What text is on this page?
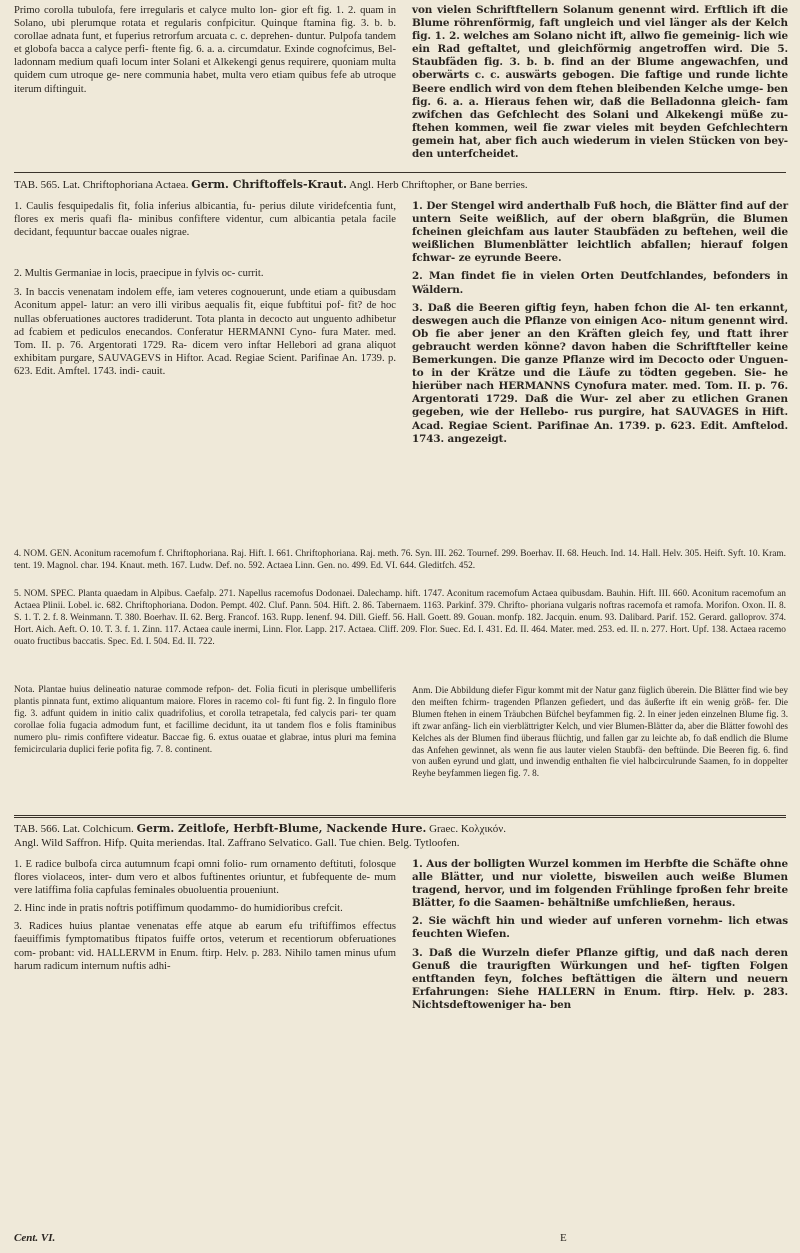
Primo corolla tubulofa, fere irregularis et calyce multo lon- gior eft fig. 1. 2. quam in Solano, ubi plerumque rotata et regularis confpicitur. Quinque ftamina fig. 3. b. b. corollae adnata funt, et fuperius retrorfum arcuata c. c. deprehen- duntur. Pulpofa tandem et globofa bacca a calyce perfi- ftente fig. 6. a. a. circumdatur. Exinde cognofcimus, Bel- ladonnam medium quafi locum inter Solani et Alkekengi genus requirere, quoniam multa quidem cum utroque ge- nere communia habet, multa vero etiam quibus fefe ab utroque iterum diftinguit.

von vielen Schriftftellern Solanum genennt wird. Erftlich ift die Blume röhrenförmig, faft ungleich und viel länger als der Kelch fig. 1. 2. welches am Solano nicht ift, allwo fie gemeinig- lich wie ein Rad geftaltet, und gleichförmig angetroffen wird. Die 5. Staubfäden fig. 3. b. b. find an der Blume angewachfen, und oberwärts c. c. auswärts gebogen. Die faftige und runde lichte Beere endlich wird von dem ftehen bleibenden Kelche umge- ben fig. 6. a. a. Hieraus fehen wir, daß die Belladonna gleich- fam zwifchen das Gefchlecht des Solani und Alkekengi müße zu- ftehen kommen, weil fie zwar vieles mit beyden Gefchlechtern gemein hat, aber fich auch wiederum in vielen Stücken von bey- den unterfcheidet.

TAB. 565. Lat. Chriftophoriana Actaea. Germ. Chriftoffels-Kraut. Angl. Herb Chriftopher, or Bane berries.

1. Caulis fesquipedalis fit, folia inferius albicantia, fu- perius dilute viridefcentia funt, flores ex meris quafi fla- minibus confiftere videntur, cum albicantia petala facile decidant, fequuntur baccae ouales nigrae.

2. Multis Germaniae in locis, praecipue in fylvis oc- currit.

3. In baccis venenatam indolem effe, iam veteres cognouerunt, unde etiam a quibusdam Aconitum appel- latur: an vero illi viribus aequalis fit, eique fubftitui pof- fit? de hoc nullas obferuationes auctores tradiderunt. Tota planta in decocto aut unguento adhibetur ad fcabiem et pediculos enecandos. Conferatur HERMANNI Cyno- fura Mater. med. Tom. II. p. 76. Argentorati 1729. Ra- dicem vero inftar Hellebori ad grana aliquot exhibitam purgare, SAUVAGEVS in Hiftor. Acad. Regiae Scient. Parifinae An. 1739. p. 623. Edit. Amftel. 1743. indi- cauit.

1. Der Stengel wird anderthalb Fuß hoch, die Blätter find auf der untern Seite weißlich, auf der obern blaßgrün, die Blumen fcheinen gleichfam aus lauter Staubfäden zu beftehen, weil die weißlichen Blumenblätter leichtlich abfallen; hierauf folgen fchwar- ze eyrunde Beere.

2. Man findet fie in vielen Orten Deutfchlandes, befonders in Wäldern.

3. Daß die Beeren giftig feyn, haben fchon die Al- ten erkannt, deswegen auch die Pflanze von einigen Aco- nitum genennt wird. Ob fie aber jener an den Kräften gleich fey, und ftatt ihrer gebraucht werden könne? davon haben die Schriftfteller keine Bemerkungen. Die ganze Pflanze wird im Decocto oder Unguen- to in der Krätze und die Läufe zu tödten gegeben. Sie- he hierüber nach HERMANNS Cynofura mater. med. Tom. II. p. 76. Argentorati 1729. Daß die Wur- zel aber zu etlichen Granen gegeben, wie der Hellebo- rus purgire, hat SAUVAGES in Hift. Acad. Regiae Scient. Parifinae An. 1739. p. 623. Edit. Amftelod. 1743. angezeigt.

4. NOM. GEN. Aconitum racemofum f. Chriftophoriana. Raj. Hift. I. 661. Chriftophoriana. Raj. meth. 76. Syn. III. 262. Tournef. 299. Boerhav. II. 68. Heuch. Ind. 14. Hall. Helv. 305. Heift. Syft. 10. Kram. tent. 19. Magnol. char. 194. Knaut. meth. 167. Ludw. Def. no. 592. Actaea Linn. Gen. no. 499. Ed. VI. 644. Gleditfch. 452.

5. NOM. SPEC. Planta quaedam in Alpibus. Caefalp. 271. Napellus racemofus Dodonaei. Dalechamp. hift. 1747. Aconitum racemofum Actaea quibusdam. Bauhin. Hift. III. 660. Aconitum racemofum an Actaea Plinii. Lobel. ic. 682. Chriftophoriana. Dodon. Pempt. 402. Cluf. Pann. 504. Hift. 2. 86. Tabernaem. 1163. Parkinf. 379. Chrifto- phoriana vulgaris noftras racemofa et ramofa. Morifon. Oxon. II. 8. S. 1. T. 2. f. 8. Weinmann. T. 380. Boerhav. II. 62. Berg. Francof. 163. Rupp. Ienenf. 94. Dill. Gieff. 56. Hall. Goett. 89. Gouan. monfp. 182. Jacquin. enum. 93. Dalibard. Parif. 152. Gerard. galloprov. 374. Hort. Aich. Aeft. O. 10. T. 3. f. 1. Zinn. 117. Actaea caule inermi, Linn. Flor. Lapp. 217. Actaea. Cliff. 209. Flor. Suec. Ed. I. 431. Ed. II. 464. Mater. med. 253. ed. II. n. 277. Hort. Upf. 138. Actaea racemo ouato fructibus baccatis. Spec. Ed. I. 504. Ed. II. 722.

Nota. Plantae huius delineatio naturae commode refpon- det. Folia ficuti in plerisque umbelliferis plantis pinnata funt, extimo aliquantum maiore. Flores in racemo col- fti funt fig. 2. In fingulo flore fig. 3. adfunt quidem in initio calix quadrifolius, et corolla tetrapetala, fed calycis pari- ter quam corollae folia fugacia admodum funt, et facillime decidunt, ita ut tandem flos e folis ftaminibus numero plu- rimis confiftere videatur. Baccae fig. 6. extus ouatae et glabrae, intus pluri ma femina femicircularia duplici ferie pofita fig. 7. 8. continent.

Anm. Die Abbildung diefer Figur kommt mit der Natur ganz füglich überein. Die Blätter find wie bey den meiften fchirm- tragenden Pflanzen gefiedert, und das äußerfte ift ein wenig größ- fer. Die Blumen ftehen in einem Träubchen Büfchel beyfammen fig. 2. In einer jeden einzelnen Blume fig. 3. ift zwar anfäng- lich ein vierblättrigter Kelch, und vier Blumen-Blätter da, aber die Blätter fowohl des Kelches als der Blumen find überaus flüchtig, und fallen gar zu leichte ab, fo daß endlich die Blume das Anfehen gewinnet, als wenn fie aus lauter vielen Staubfä- den beftünde. Die Beeren fig. 6. find von außen eyrund und glatt, und inwendig enthalten fie viel halbcirculrunde Saamen, fo in doppelter Reyhe beyfammen liegen fig. 7. 8.

TAB. 566. Lat. Colchicum. Germ. Zeitlofe, Herbft-Blume, Nackende Hure. Graec. Κολχικόν.
Angl. Wild Saffron. Hifp. Quita meriendas. Ital. Zaffrano Selvatico. Gall. Tue chien. Belg. Tytloofen.

1. E radice bulbofa circa autumnum fcapi omni folio- rum ornamento deftituti, folosque flores violaceos, inter- dum vero et albos fuftinentes oriuntur, et fubfequente de- mum vere latiffima folia capfulas feminales obuoluentia proueniunt.

2. Hinc inde in pratis noftris potiffimum quodammo- do humidioribus crefcit.

3. Radices huius plantae venenatas effe atque ab earum efu triftiffimos effectus faeuiffimis fymptomatibus ftipatos fuiffe ortos, veterum et recentiorum obferuationes com- probant: vid. HALLERVM in Enum. ftirp. Helv. p. 283. Nihilo tamen minus ufum harum radicum internum nuftis adhi-

1. Aus der bolligten Wurzel kommen im Herbfte die Schäfte ohne alle Blätter, und nur violette, bisweilen auch weiße Blumen tragend, hervor, und im folgenden Frühlinge fproßen fehr breite Blätter, fo die Saamen- behältniße umfchließen, heraus.

2. Sie wächft hin und wieder auf unferen vornehm- lich etwas feuchten Wiefen.

3. Daß die Wurzeln diefer Pflanze giftig, und daß nach deren Genuß die traurigften Würkungen und hef- tigften Folgen entftanden feyn, folches beftättigen die ältern und neuern Erfahrungen: Siehe HALLERN in Enum. ftirp. Helv. p. 283. Nichtsdeftoweniger ha- ben

Cent. VI.	E
